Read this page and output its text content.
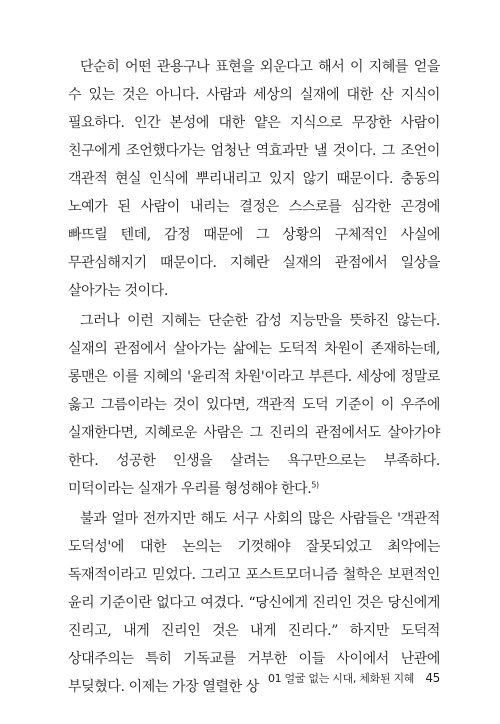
단순히 어떤 관용구나 표현을 외운다고 해서 이 지혜를 얻을 수 있는 것은 아니다. 사람과 세상의 실재에 대한 산 지식이 필요하다. 인간 본성에 대한 얕은 지식으로 무장한 사람이 친구에게 조언했다가는 엄청난 역효과만 낼 것이다. 그 조언이 객관적 현실 인식에 뿌리내리고 있지 않기 때문이다. 충동의 노예가 된 사람이 내리는 결정은 스스로를 심각한 곤경에 빠뜨릴 텐데, 감정 때문에 그 상황의 구체적인 사실에 무관심해지기 때문이다. 지혜란 실재의 관점에서 일상을 살아가는 것이다.

그러나 이런 지혜는 단순한 감성 지능만을 뜻하진 않는다. 실재의 관점에서 살아가는 삶에는 도덕적 차원이 존재하는데, 롱맨은 이를 지혜의 '윤리적 차원'이라고 부른다. 세상에 정말로 옳고 그름이라는 것이 있다면, 객관적 도덕 기준이 이 우주에 실재한다면, 지혜로운 사람은 그 진리의 관점에서도 살아가야 한다. 성공한 인생을 살려는 욕구만으로는 부족하다. 미덕이라는 실재가 우리를 형성해야 한다.$^{5)}$

불과 얼마 전까지만 해도 서구 사회의 많은 사람들은 '객관적 도덕성'에 대한 논의는 기껏해야 잘못되었고 최악에는 독재적이라고 믿었다. 그리고 포스트모더니즘 철학은 보편적인 윤리 기준이란 없다고 여겼다. “당신에게 진리인 것은 당신에게 진리고, 내게 진리인 것은 내게 진리다.” 하지만 도덕적 상대주의는 특히 기독교를 거부한 이들 사이에서 난관에 부딪혔다. 이제는 가장 열렬한 상

01 얼굴 없는 시대, 체화된 지혜 45
